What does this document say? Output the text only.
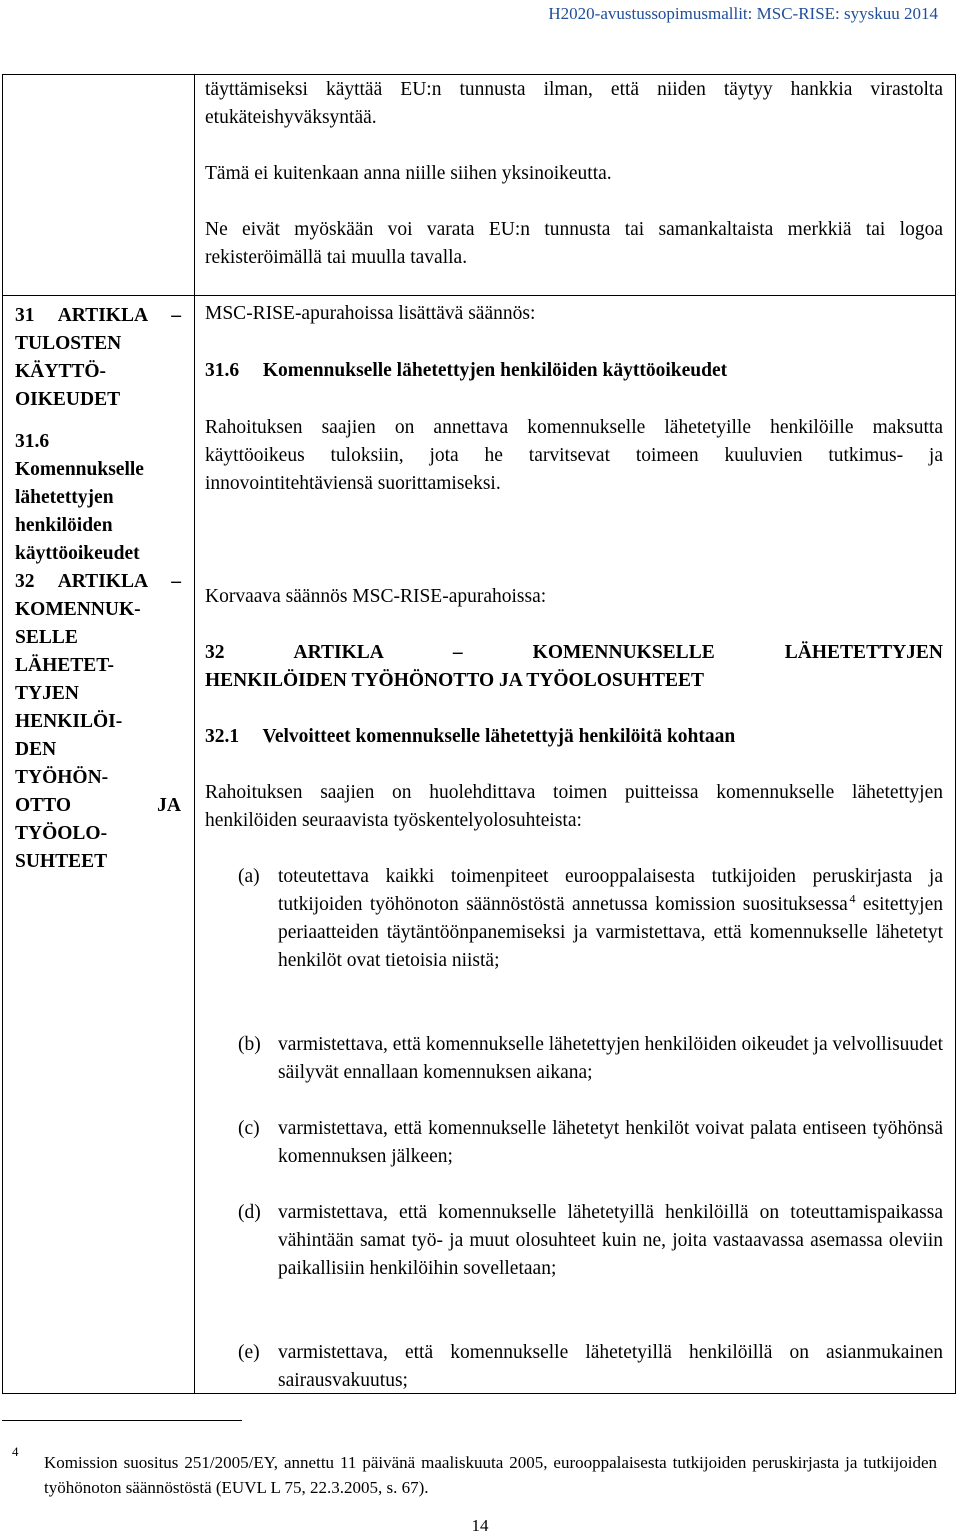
H2020-avustussopimusmallit: MSC-RISE: syyskuu 2014

täyttämiseksi käyttää EU:n tunnusta ilman, että niiden täytyy hankkia virastolta etukäteishyväksyntää.

Tämä ei kuitenkaan anna niille siihen yksinoikeutta.

Ne eivät myöskään voi varata EU:n tunnusta tai samankaltaista merkkiä tai logoa rekisteröimällä tai muulla tavalla.

31 ARTIKLA –
TULOSTEN
KÄYTTÖ-
OIKEUDET
31.6
Komennukselle
lähetettyjen
henkilöiden
käyttöoikeudet
32 ARTIKLA –
KOMENNUK-
SELLE
LÄHETET-
TYJEN
HENKILÖI-
DEN
TYÖHÖN-
OTTO JA
TYÖOLO-
SUHTEET

MSC-RISE-apurahoissa lisättävä säännös:

31.6 Komennukselle lähetettyjen henkilöiden käyttöoikeudet

Rahoituksen saajien on annettava komennukselle lähetetyille henkilöille maksutta käyttöoikeus tuloksiin, jota he tarvitsevat toimeen kuuluvien tutkimus- ja innovointitehtäviensä suorittamiseksi.

Korvaava säännös MSC-RISE-apurahoissa:

32 ARTIKLA – KOMENNUKSELLE LÄHETETTYJEN
HENKILÖIDEN TYÖHÖNOTTO JA TYÖOLOSUHTEET
32.1 Velvoitteet komennukselle lähetettyjä henkilöitä kohtaan

Rahoituksen saajien on huolehdittava toimen puitteissa komennukselle lähetettyjen henkilöiden seuraavista työskentelyolosuhteista:

(a) toteutettava kaikki toimenpiteet eurooppalaisesta tutkijoiden peruskirjasta ja tutkijoiden työhönoton säännöstöstä annetussa komission suosituksessa  $^4$ esitettyjen periaatteiden täytäntöönpanemiseksi ja varmistettava, että komennukselle lähetetyt henkilöt ovat tietoisia niistä;
(b) varmistettava, että komennukselle lähetettyjen henkilöiden oikeudet ja velvollisuudet säilyvät ennallaan komennuksen aikana;
(c) varmistettava, että komennukselle lähetetyt henkilöt voivat palata entiseen työhönsä komennuksen jälkeen;
(d) varmistettava, että komennukselle lähetetyillä henkilöillä on toteuttamispaikassa vähintään samat työ- ja muut olosuhteet kuin ne, joita vastaavassa asemassa oleviin paikallisiin henkilöihin sovelletaan;
(e) varmistettava, että komennukselle lähetetyillä henkilöillä on asianmukainen sairausvakuutus;
4
Komission suositus 251/2005/EY, annettu 11 päivänä maaliskuuta 2005, eurooppalaisesta tutkijoiden peruskirjasta ja tutkijoiden työhönoton säännöstöstä (EUVL L 75, 22.3.2005, s. 67).
14
